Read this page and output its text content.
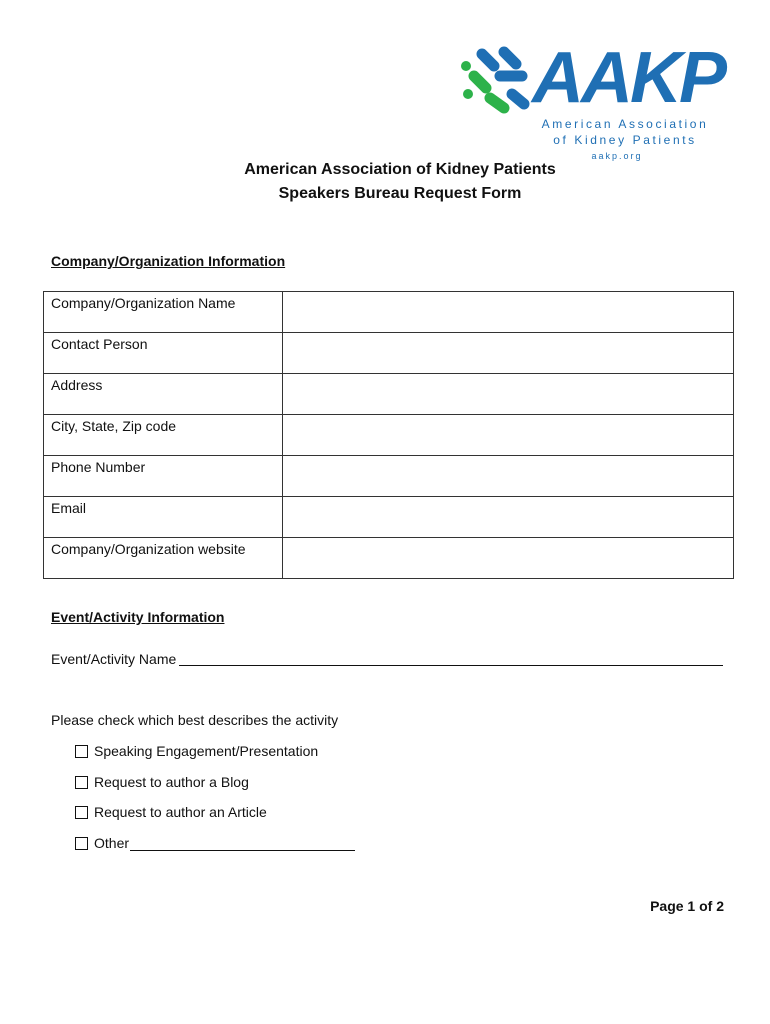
AAKP
American Association
of Kidney Patients
aakp.org
American Association of Kidney Patients
Speakers Bureau Request Form
Company/Organization Information
Company/Organization Name	
Contact Person	
Address	
City, State, Zip code	
Phone Number	
Email	
Company/Organization website	
Event/Activity Information
Event/Activity Name
Please check which best describes the activity
Speaking Engagement/Presentation
Request to author a Blog
Request to author an Article
Other
Page 1 of 2
